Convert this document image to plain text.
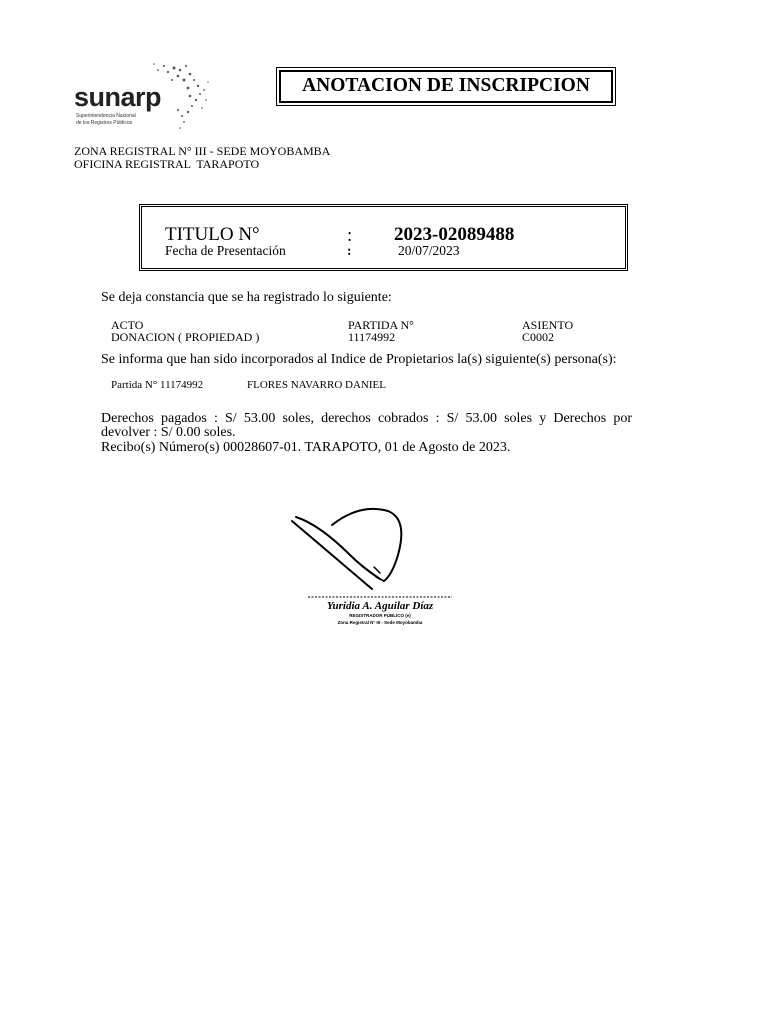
sunarp
Superintendencia Nacional
de los Registros Públicos
ANOTACION DE INSCRIPCION
ZONA REGISTRAL N° III - SEDE MOYOBAMBA
OFICINA REGISTRAL  TARAPOTO
TITULO N°	: 2023-02089488
Fecha de Presentación	:	20/07/2023
Se deja constancia que se ha registrado lo siguiente:
ACTO	PARTIDA N°	ASIENTO
DONACION ( PROPIEDAD )	11174992	C0002
Se informa que han sido incorporados al Indice de Propietarios la(s) siguiente(s) persona(s):
Partida N° 11174992	FLORES NAVARRO DANIEL
Derechos pagados : S/ 53.00 soles, derechos cobrados : S/ 53.00 soles y Derechos por devolver : S/ 0.00 soles.
Recibo(s) Número(s) 00028607-01. TARAPOTO, 01 de Agosto de 2023.
Yuridia A. Aguilar Díaz
REGISTRADOR PÚBLICO (e)
Zona Registral N° III - Sede Moyobamba
